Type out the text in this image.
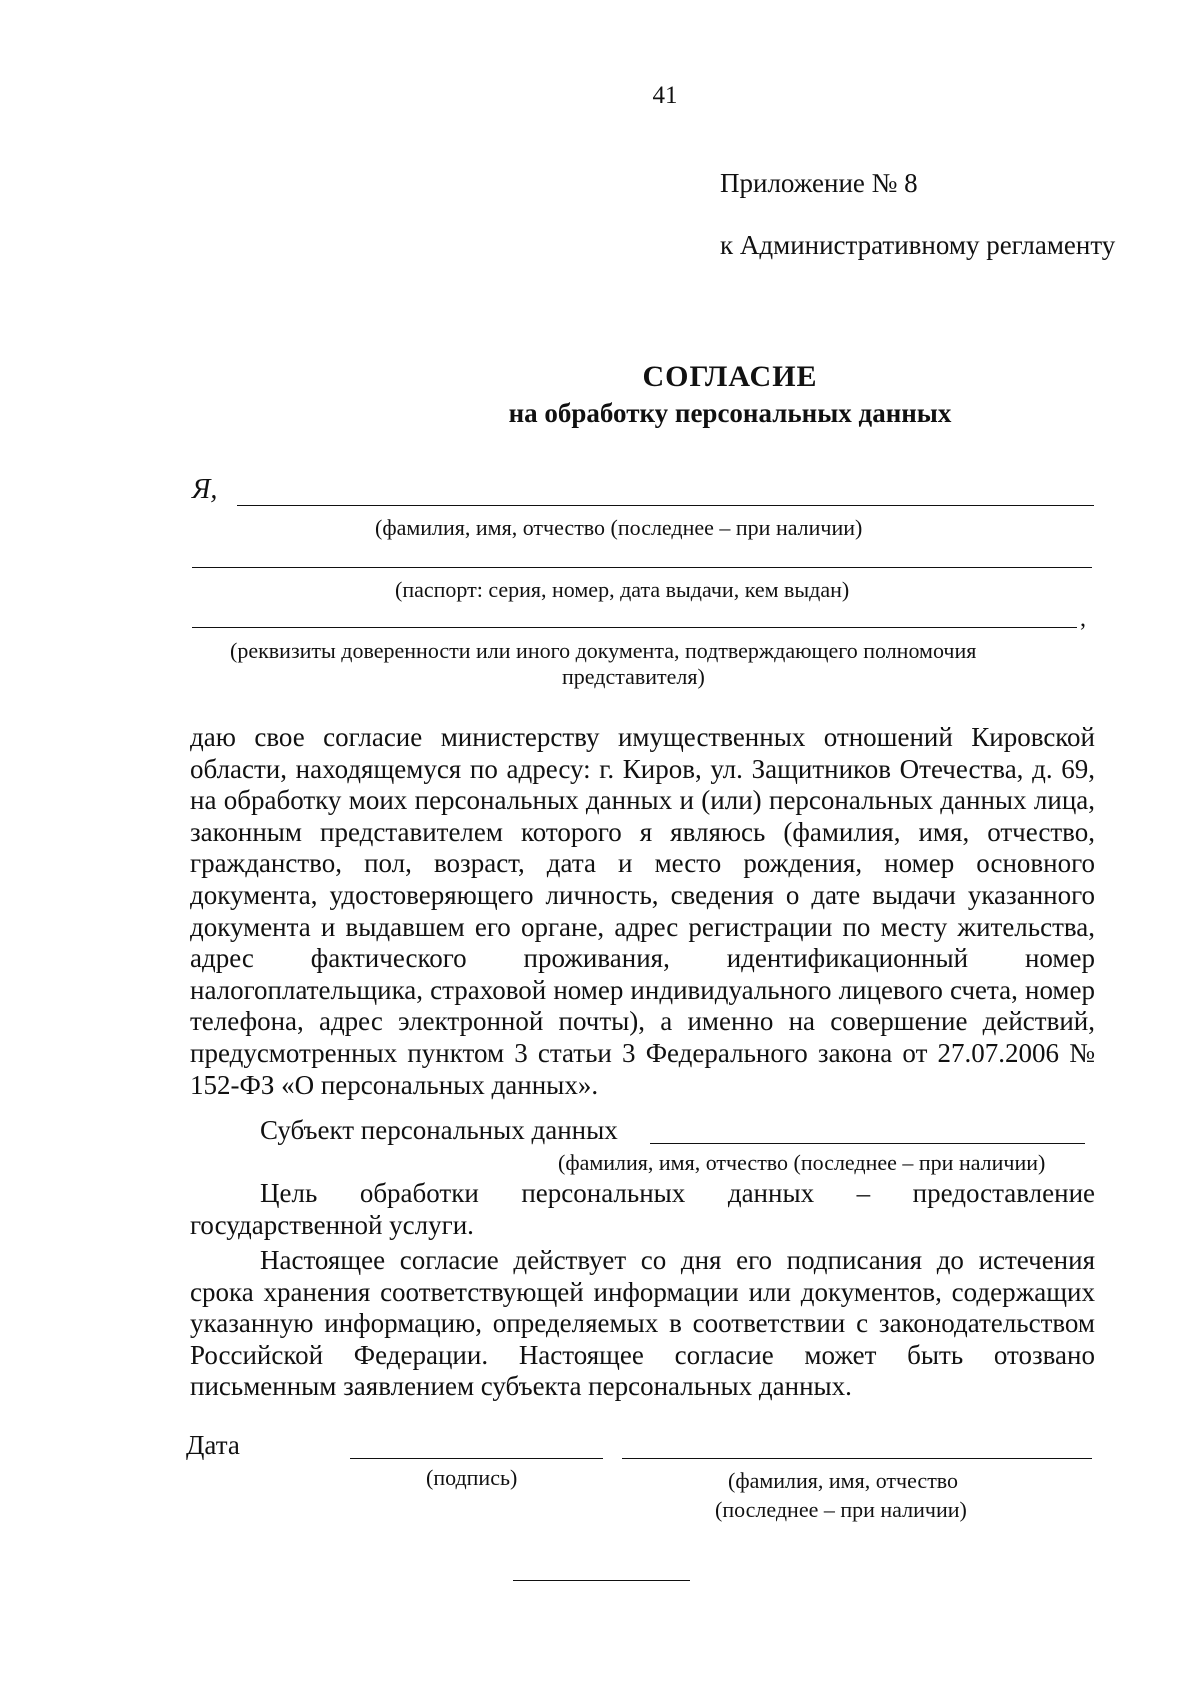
41
Приложение № 8
к Административному регламенту
СОГЛАСИЕ
на обработку персональных данных
Я,
(фамилия, имя, отчество (последнее – при наличии)
(паспорт: серия, номер, дата выдачи, кем выдан)
,
(реквизиты доверенности или иного документа, подтверждающего полномочия
представителя)
даю свое согласие министерству имущественных отношений Кировской области, находящемуся по адресу: г. Киров, ул. Защитников Отечества, д. 69, на обработку моих персональных данных и (или) персональных данных лица, законным представителем которого я являюсь (фамилия, имя, отчество, гражданство, пол, возраст, дата и место рождения, номер основного документа, удостоверяющего личность, сведения о дате выдачи указанного документа и выдавшем его органе, адрес регистрации по месту жительства, адрес фактического проживания, идентификационный номер налогоплательщика, страховой номер индивидуального лицевого счета, номер телефона, адрес электронной почты), а именно на совершение действий, предусмотренных пунктом 3 статьи 3 Федерального закона от 27.07.2006 № 152-ФЗ «О персональных данных».
Субъект персональных данных
(фамилия, имя, отчество (последнее – при наличии)
Цель обработки персональных данных – предоставление государственной услуги.
Настоящее согласие действует со дня его подписания до истечения срока хранения соответствующей информации или документов, содержащих указанную информацию, определяемых в соответствии с законодательством Российской Федерации. Настоящее согласие может быть отозвано письменным заявлением субъекта персональных данных.
Дата
(подпись)	(фамилия, имя, отчество
(последнее – при наличии)
